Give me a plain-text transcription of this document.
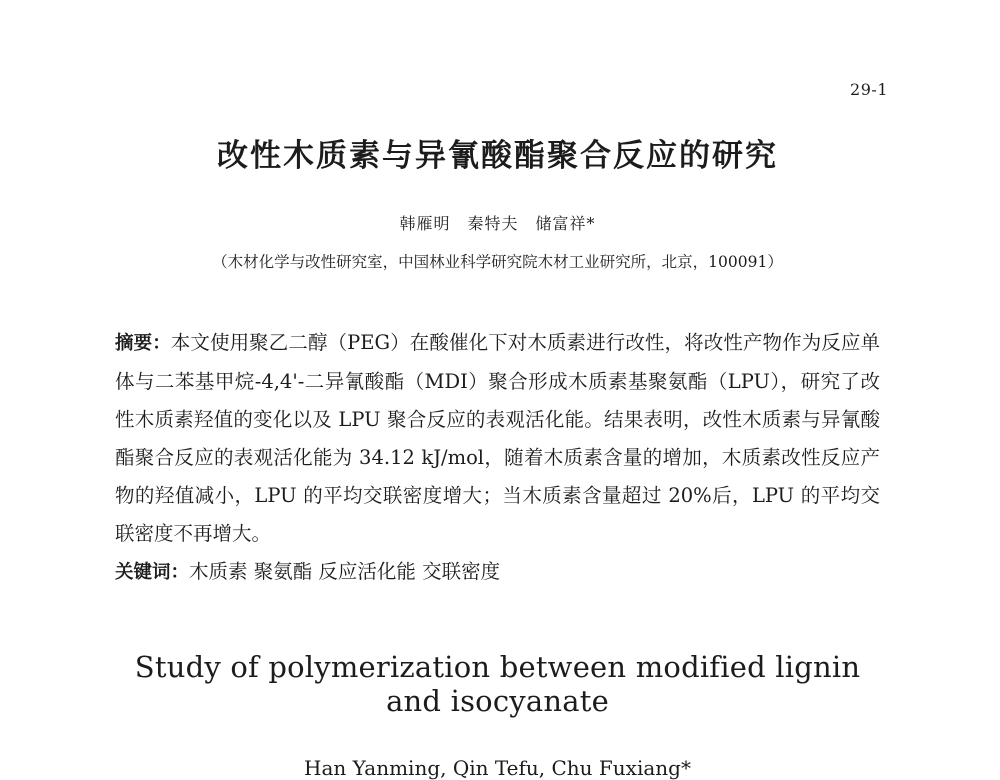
29-1
改性木质素与异氰酸酯聚合反应的研究
韩雁明　秦特夫　储富祥*
（木材化学与改性研究室，中国林业科学研究院木材工业研究所，北京，100091）

摘要：本文使用聚乙二醇（PEG）在酸催化下对木质素进行改性，将改性产物作为反应单体与二苯基甲烷-4,4'-二异氰酸酯（MDI）聚合形成木质素基聚氨酯（LPU），研究了改性木质素羟值的变化以及 LPU 聚合反应的表观活化能。结果表明，改性木质素与异氰酸酯聚合反应的表观活化能为 34.12 kJ/mol，随着木质素含量的增加，木质素改性反应产物的羟值减小，LPU 的平均交联密度增大；当木质素含量超过 20%后，LPU 的平均交联密度不再增大。

关键词：木质素 聚氨酯 反应活化能 交联密度

Study of polymerization between modified lignin and isocyanate
Han Yanming, Qin Tefu, Chu Fuxiang*
